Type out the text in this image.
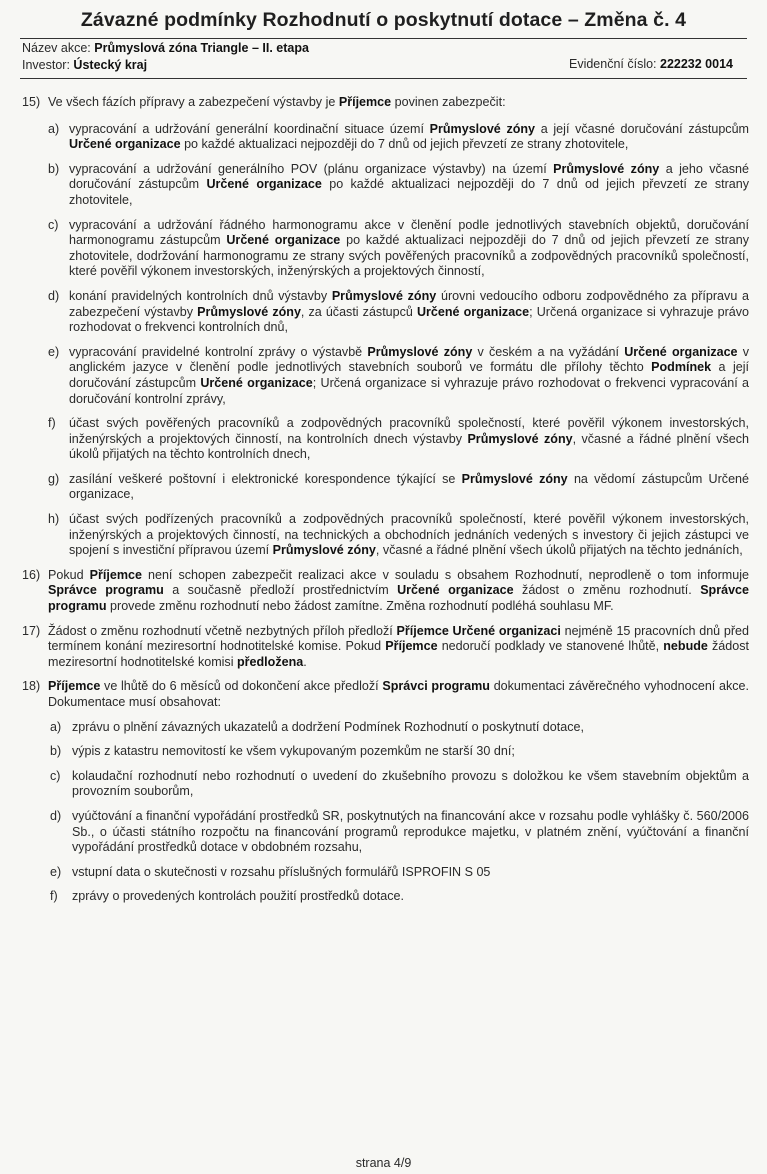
Závazné podmínky Rozhodnutí o poskytnutí dotace – Změna č. 4
Název akce: Průmyslová zóna Triangle – II. etapa
Investor: Ústecký kraj	Evidenční číslo: 222232 0014
15) Ve všech fázích přípravy a zabezpečení výstavby je Příjemce povinen zabezpečit:
a) vypracování a udržování generální koordinační situace území Průmyslové zóny a její včasné doručování zástupcům Určené organizace po každé aktualizaci nejpozději do 7 dnů od jejich převzetí ze strany zhotovitele,
b) vypracování a udržování generálního POV (plánu organizace výstavby) na území Průmyslové zóny a jeho včasné doručování zástupcům Určené organizace po každé aktualizaci nejpozději do 7 dnů od jejich převzetí ze strany zhotovitele,
c) vypracování a udržování řádného harmonogramu akce v členění podle jednotlivých stavebních objektů, doručování harmonogramu zástupcům Určené organizace po každé aktualizaci nejpozději do 7 dnů od jejich převzetí ze strany zhotovitele, dodržování harmonogramu ze strany svých pověřených pracovníků a zodpovědných pracovníků společností, které pověřil výkonem investorských, inženýrských a projektových činností,
d) konání pravidelných kontrolních dnů výstavby Průmyslové zóny úrovni vedoucího odboru zodpovědného za přípravu a zabezpečení výstavby Průmyslové zóny, za účasti zástupců Určené organizace; Určená organizace si vyhrazuje právo rozhodovat o frekvenci kontrolních dnů,
e) vypracování pravidelné kontrolní zprávy o výstavbě Průmyslové zóny v českém a na vyžádání Určené organizace v anglickém jazyce v členění podle jednotlivých stavebních souborů ve formátu dle přílohy těchto Podmínek a její doručování zástupcům Určené organizace; Určená organizace si vyhrazuje právo rozhodovat o frekvenci vypracování a doručování kontrolní zprávy,
f)	účast svých pověřených pracovníků a zodpovědných pracovníků společností, které pověřil výkonem investorských, inženýrských a projektových činností, na kontrolních dnech výstavby Průmyslové zóny, včasné a řádné plnění všech úkolů přijatých na těchto kontrolních dnech,
g) zasílání veškeré poštovní i elektronické korespondence týkající se Průmyslové zóny na vědomí zástupcům Určené organizace,
h) účast svých podřízených pracovníků a zodpovědných pracovníků společností, které pověřil výkonem investorských, inženýrských a projektových činností, na technických a obchodních jednáních vedených s investory či jejich zástupci ve spojení s investiční přípravou území Průmyslové zóny, včasné a řádné plnění všech úkolů přijatých na těchto jednáních,
16) Pokud Příjemce není schopen zabezpečit realizaci akce v souladu s obsahem Rozhodnutí, neprodleně o tom informuje Správce programu a současně předloží prostřednictvím Určené organizace žádost o změnu rozhodnutí. Správce programu provede změnu rozhodnutí nebo žádost zamítne. Změna rozhodnutí podléhá souhlasu MF.
17) Žádost o změnu rozhodnutí včetně nezbytných příloh předloží Příjemce Určené organizaci nejméně 15 pracovních dnů před termínem konání meziresortní hodnotitelské komise. Pokud Příjemce nedoručí podklady ve stanovené lhůtě, nebude žádost meziresortní hodnotitelské komisi předložena.
18) Příjemce ve lhůtě do 6 měsíců od dokončení akce předloží Správci programu dokumentaci závěrečného vyhodnocení akce. Dokumentace musí obsahovat:
a) zprávu o plnění závazných ukazatelů a dodržení Podmínek Rozhodnutí o poskytnutí dotace,
b) výpis z katastru nemovitostí ke všem vykupovaným pozemkům ne starší 30 dní;
c) kolaudační rozhodnutí nebo rozhodnutí o uvedení do zkušebního provozu s doložkou ke všem stavebním objektům a provozním souborům,
d) vyúčtování a finanční vypořádání prostředků SR, poskytnutých na financování akce v rozsahu podle vyhlášky č. 560/2006 Sb., o účasti státního rozpočtu na financování programů reprodukce majetku, v platném znění, vyúčtování a finanční vypořádání prostředků dotace v obdobném rozsahu,
e) vstupní data o skutečnosti v rozsahu příslušných formulářů ISPROFIN S 05
f)	zprávy o provedených kontrolách použití prostředků dotace.
strana 4/9
